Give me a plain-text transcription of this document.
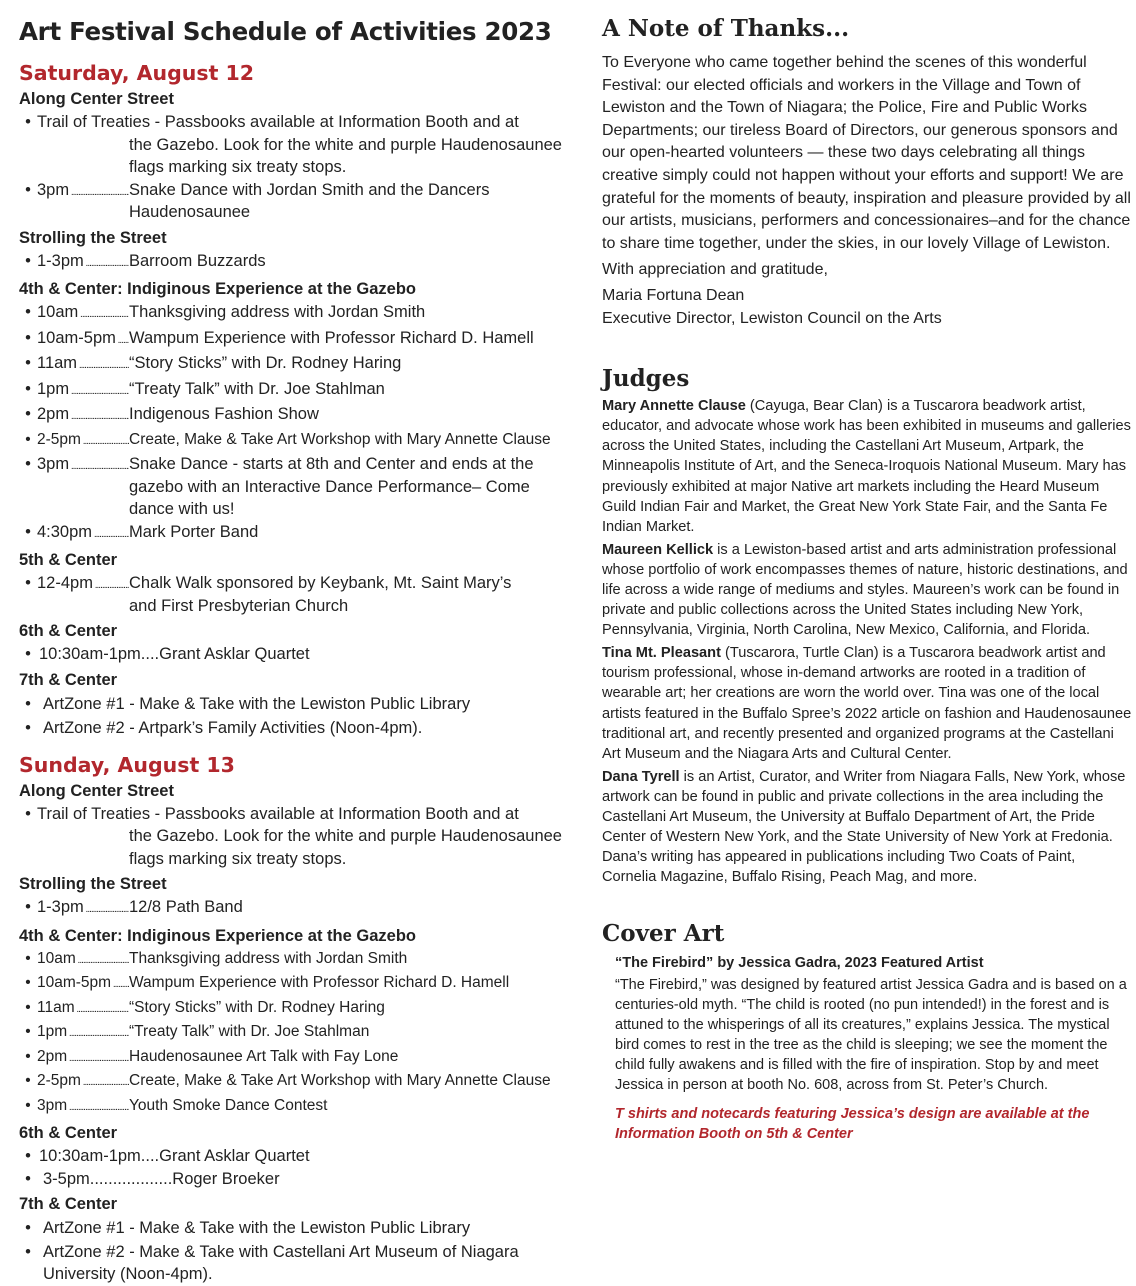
Art Festival Schedule of Activities 2023
Saturday, August 12
Along Center Street
• Trail of Treaties - Passbooks available at Information Booth and at
the Gazebo. Look for the white and purple Haudenosaunee flags marking six treaty stops.
• 3pm .....	Snake Dance with Jordan Smith and the Dancers Haudenosaunee
Strolling the Street
• 1-3pm .....	Barroom Buzzards
4th & Center: Indiginous Experience at the Gazebo
• 10am .....	Thanksgiving address with Jordan Smith
• 10am-5pm ..... Wampum Experience with Professor Richard D. Hamell
• 11am .....	“Story Sticks” with Dr. Rodney Haring
• 1pm .....	“Treaty Talk” with Dr. Joe Stahlman
• 2pm .....	Indigenous Fashion Show
• 2-5pm .....	Create, Make & Take Art Workshop with Mary Annette Clause
• 3pm .....	Snake Dance - starts at 8th and Center and ends at the gazebo with an Interactive Dance Performance– Come dance with us!
• 4:30pm .....	Mark Porter Band
5th & Center
• 12-4pm .....	Chalk Walk sponsored by Keybank, Mt. Saint Mary’s and First Presbyterian Church
6th & Center
• 10:30am-1pm....Grant Asklar Quartet
7th & Center
• ArtZone #1 - Make & Take with the Lewiston Public Library
• ArtZone #2 - Artpark’s Family Activities (Noon-4pm).
Sunday, August 13
Along Center Street
• Trail of Treaties - Passbooks available at Information Booth and at
the Gazebo. Look for the white and purple Haudenosaunee flags marking six treaty stops.
Strolling the Street
• 1-3pm .....	12/8 Path Band
4th & Center: Indiginous Experience at the Gazebo
• 10am .....	Thanksgiving address with Jordan Smith
• 10am-5pm .....	Wampum Experience with Professor Richard D. Hamell
• 11am .....	“Story Sticks” with Dr. Rodney Haring
• 1pm .....	“Treaty Talk” with Dr. Joe Stahlman
• 2pm .....	Haudenosaunee Art Talk with Fay Lone
• 2-5pm .....	Create, Make & Take Art Workshop with Mary Annette Clause
• 3pm .....	Youth Smoke Dance Contest
6th & Center
• 10:30am-1pm....Grant Asklar Quartet
• 3-5pm..................Roger Broeker
7th & Center
• ArtZone #1 - Make & Take with the Lewiston Public Library
• ArtZone #2 - Make & Take with Castellani Art Museum of Niagara University (Noon-4pm).
A Note of Thanks...

To Everyone who came together behind the scenes of this wonderful Festival: our elected officials and workers in the Village and Town of Lewiston and the Town of Niagara; the Police, Fire and Public Works Departments; our tireless Board of Directors, our generous sponsors and our open-hearted volunteers — these two days celebrating all things creative simply could not happen without your efforts and support! We are grateful for the moments of beauty, inspiration and pleasure provided by all our artists, musicians, performers and concessionaires–and for the chance to share time together, under the skies, in our lovely Village of Lewiston.

With appreciation and gratitude,

Maria Fortuna Dean

Executive Director, Lewiston Council on the Arts

Judges

Mary Annette Clause (Cayuga, Bear Clan) is a Tuscarora beadwork artist, educator, and advocate whose work has been exhibited in museums and galleries across the United States, including the Castellani Art Museum, Artpark, the Minneapolis Institute of Art, and the Seneca-Iroquois National Museum. Mary has previously exhibited at major Native art markets including the Heard Museum Guild Indian Fair and Market, the Great New York State Fair, and the Santa Fe Indian Market.

Maureen Kellick is a Lewiston-based artist and arts administration professional whose portfolio of work encompasses themes of nature, historic destinations, and life across a wide range of mediums and styles. Maureen’s work can be found in private and public collections across the United States including New York, Pennsylvania, Virginia, North Carolina, New Mexico, California, and Florida.

Tina Mt. Pleasant (Tuscarora, Turtle Clan) is a Tuscarora beadwork artist and tourism professional, whose in-demand artworks are rooted in a tradition of wearable art; her creations are worn the world over. Tina was one of the local artists featured in the Buffalo Spree’s 2022 article on fashion and Haudenosaunee traditional art, and recently presented and organized programs at the Castellani Art Museum and the Niagara Arts and Cultural Center.

Dana Tyrell is an Artist, Curator, and Writer from Niagara Falls, New York, whose artwork can be found in public and private collections in the area including the Castellani Art Museum, the University at Buffalo Department of Art, the Pride Center of Western New York, and the State University of New York at Fredonia. Dana’s writing has appeared in publications including Two Coats of Paint, Cornelia Magazine, Buffalo Rising, Peach Mag, and more.

Cover Art

“The Firebird” by Jessica Gadra, 2023 Featured Artist

“The Firebird,” was designed by featured artist Jessica Gadra and is based on a centuries-old myth. “The child is rooted (no pun intended!) in the forest and is attuned to the whisperings of all its creatures,” explains Jessica. The mystical bird comes to rest in the tree as the child is sleeping; we see the moment the child fully awakens and is filled with the fire of inspiration. Stop by and meet Jessica in person at booth No. 608, across from St. Peter’s Church.

T shirts and notecards featuring Jessica’s design are available at the Information Booth on 5th & Center
